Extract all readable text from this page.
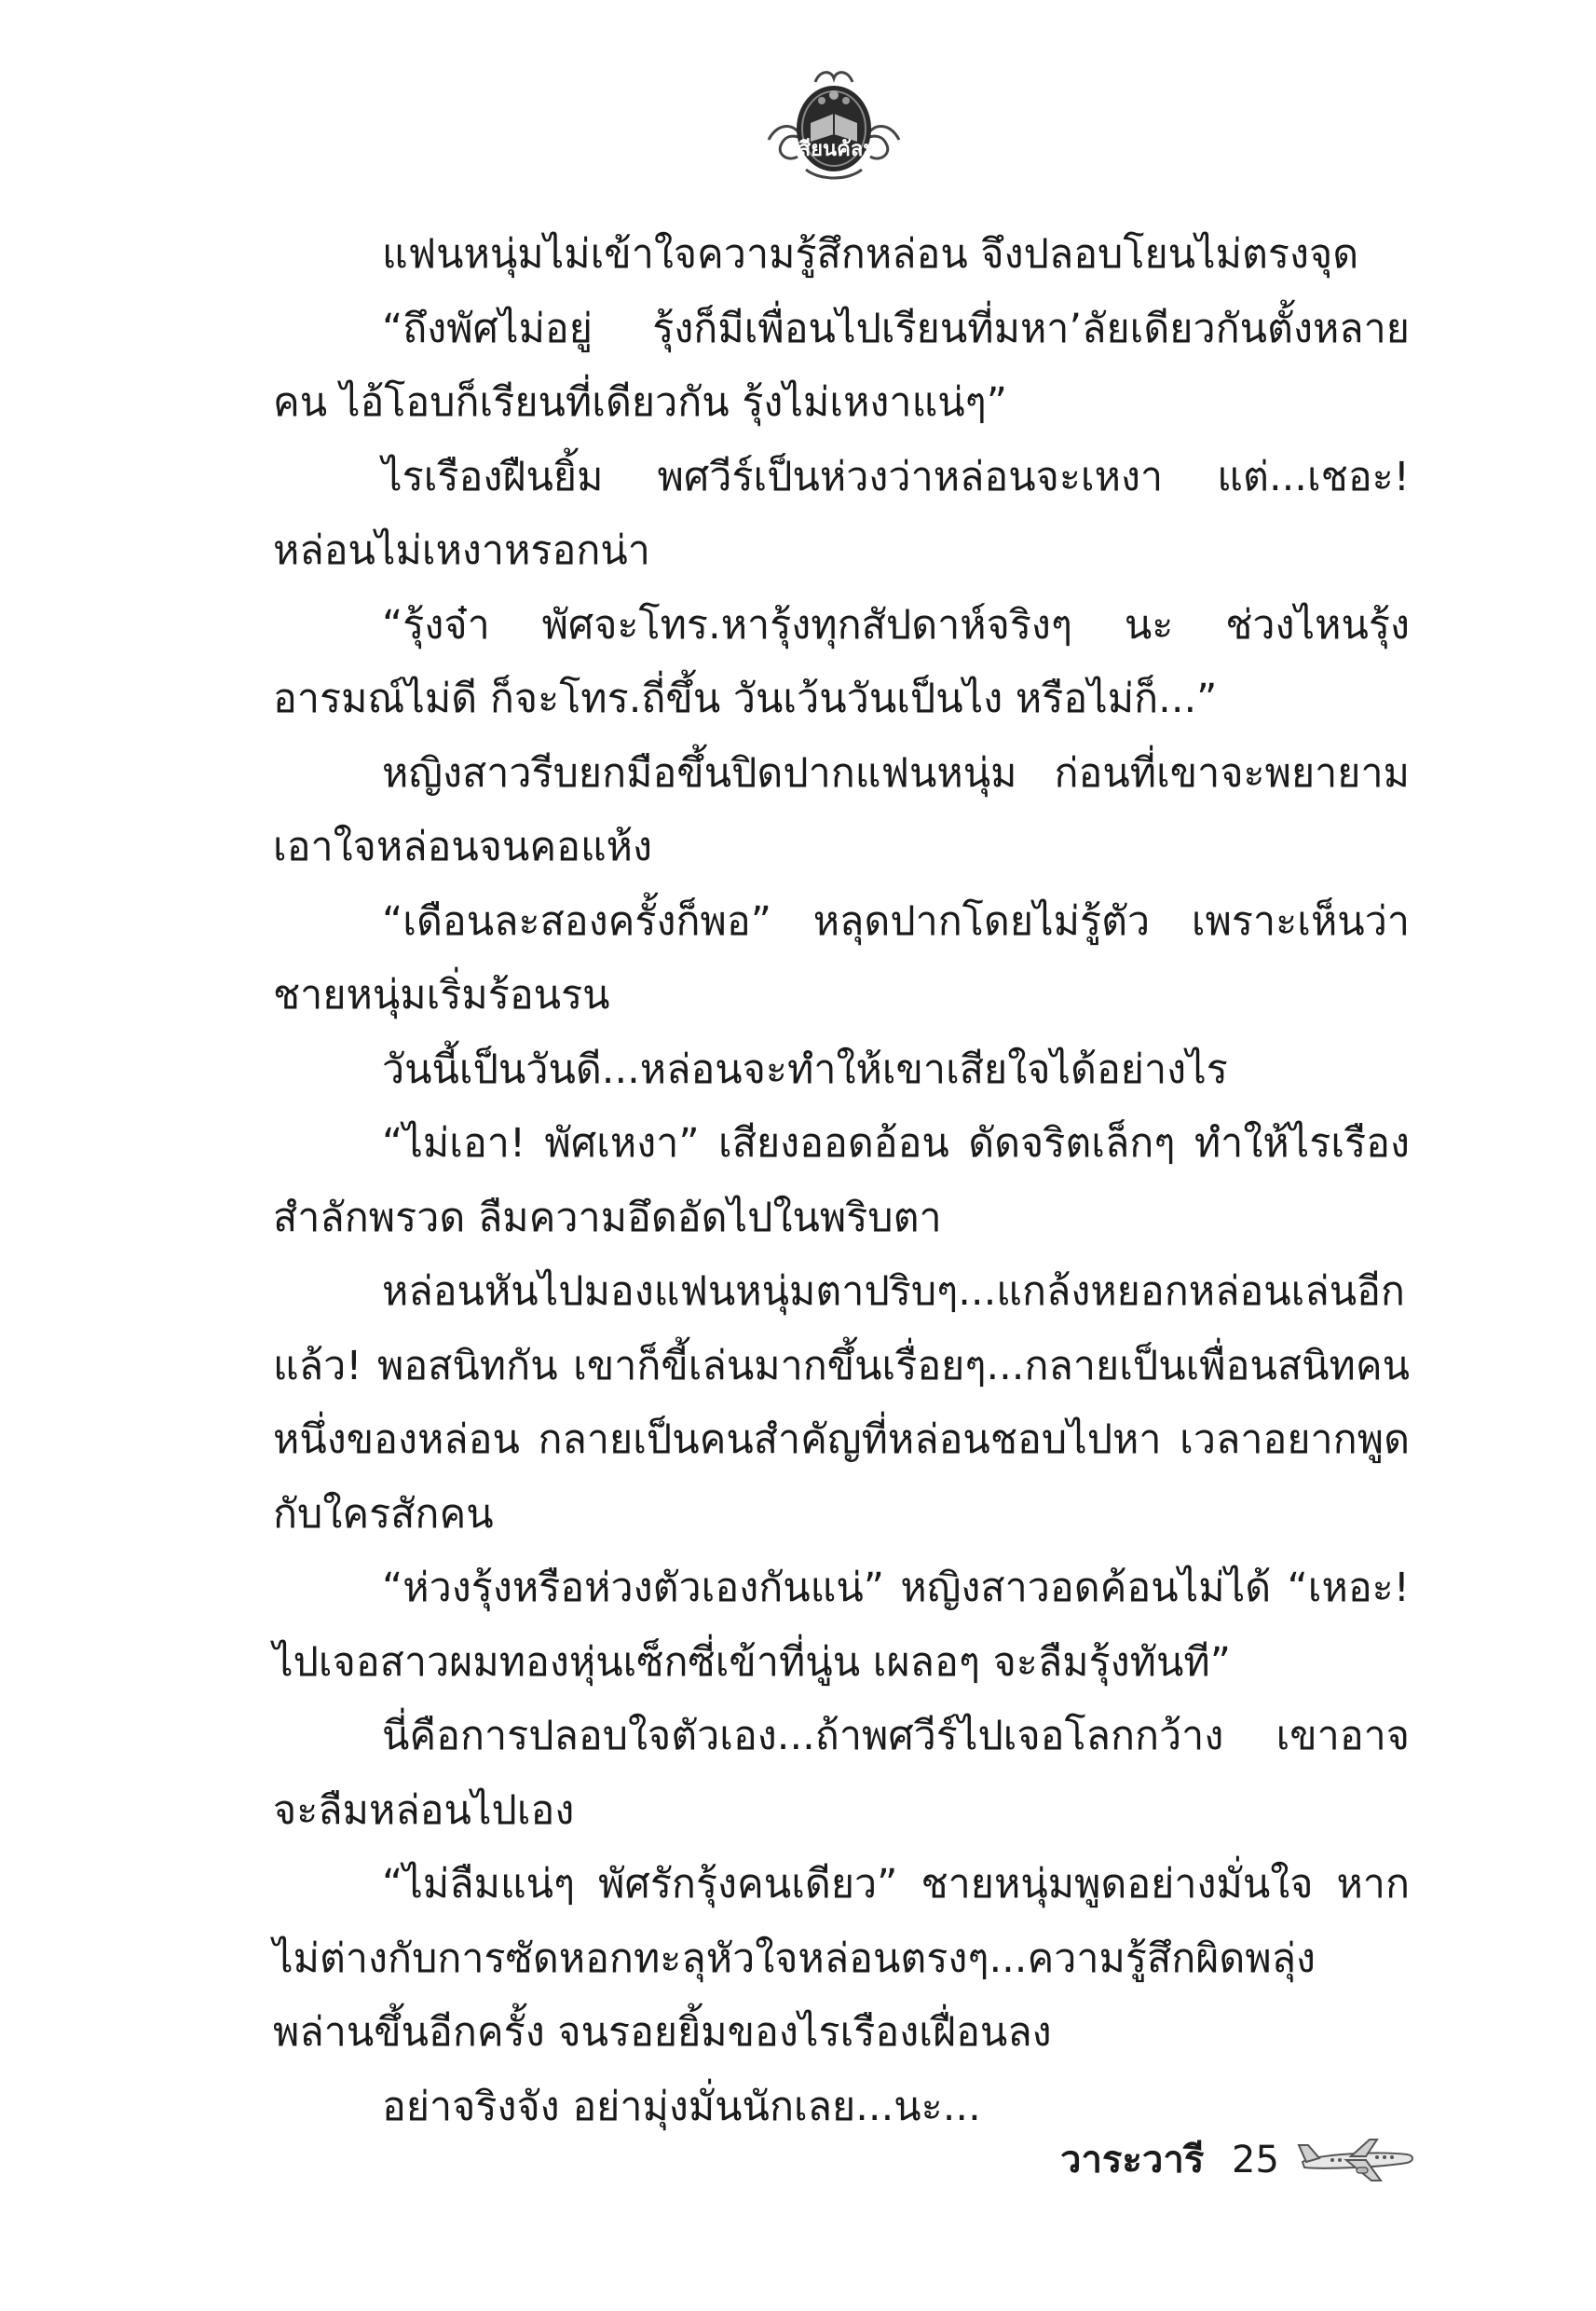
เสียนคัลม

แฟนหนุ่มไม่เข้าใจความรู้สึกหล่อน จึงปลอบโยนไม่ตรงจุด

“ถึงพัศไม่อยู่ รุ้งก็มีเพื่อนไปเรียนที่มหา’ลัยเดียวกันตั้งหลายคน ไอ้โอบก็เรียนที่เดียวกัน รุ้งไม่เหงาแน่ๆ”

ไรเรืองฝืนยิ้ม พศวีร์เป็นห่วงว่าหล่อนจะเหงา แต่...เชอะ! หล่อนไม่เหงาหรอกน่า

“รุ้งจ๋า พัศจะโทร.หารุ้งทุกสัปดาห์จริงๆ นะ ช่วงไหนรุ้งอารมณ์ไม่ดี ก็จะโทร.ถี่ขึ้น วันเว้นวันเป็นไง หรือไม่ก็...”

หญิงสาวรีบยกมือขึ้นปิดปากแฟนหนุ่ม ก่อนที่เขาจะพยายามเอาใจหล่อนจนคอแห้ง

“เดือนละสองครั้งก็พอ” หลุดปากโดยไม่รู้ตัว เพราะเห็นว่าชายหนุ่มเริ่มร้อนรน

วันนี้เป็นวันดี...หล่อนจะทำให้เขาเสียใจได้อย่างไร

“ไม่เอา! พัศเหงา” เสียงออดอ้อน ดัดจริตเล็กๆ ทำให้ไรเรืองสำลักพรวด ลืมความอึดอัดไปในพริบตา

หล่อนหันไปมองแฟนหนุ่มตาปริบๆ...แกล้งหยอกหล่อนเล่นอีกแล้ว! พอสนิทกัน เขาก็ขี้เล่นมากขึ้นเรื่อยๆ...กลายเป็นเพื่อนสนิทคนหนึ่งของหล่อน กลายเป็นคนสำคัญที่หล่อนชอบไปหา เวลาอยากพูดกับใครสักคน

“ห่วงรุ้งหรือห่วงตัวเองกันแน่” หญิงสาวอดค้อนไม่ได้ “เหอะ! ไปเจอสาวผมทองหุ่นเซ็กซี่เข้าที่นู่น เผลอๆ จะลืมรุ้งทันที”

นี่คือการปลอบใจตัวเอง...ถ้าพศวีร์ไปเจอโลกกว้าง เขาอาจจะลืมหล่อนไปเอง

“ไม่ลืมแน่ๆ พัศรักรุ้งคนเดียว” ชายหนุ่มพูดอย่างมั่นใจ หากไม่ต่างกับการซัดหอกทะลุหัวใจหล่อนตรงๆ...ความรู้สึกผิดพลุ่งพล่านขึ้นอีกครั้ง จนรอยยิ้มของไรเรืองเฝื่อนลง

อย่าจริงจัง อย่ามุ่งมั่นนักเลย...นะ...

วาระวารี 25
